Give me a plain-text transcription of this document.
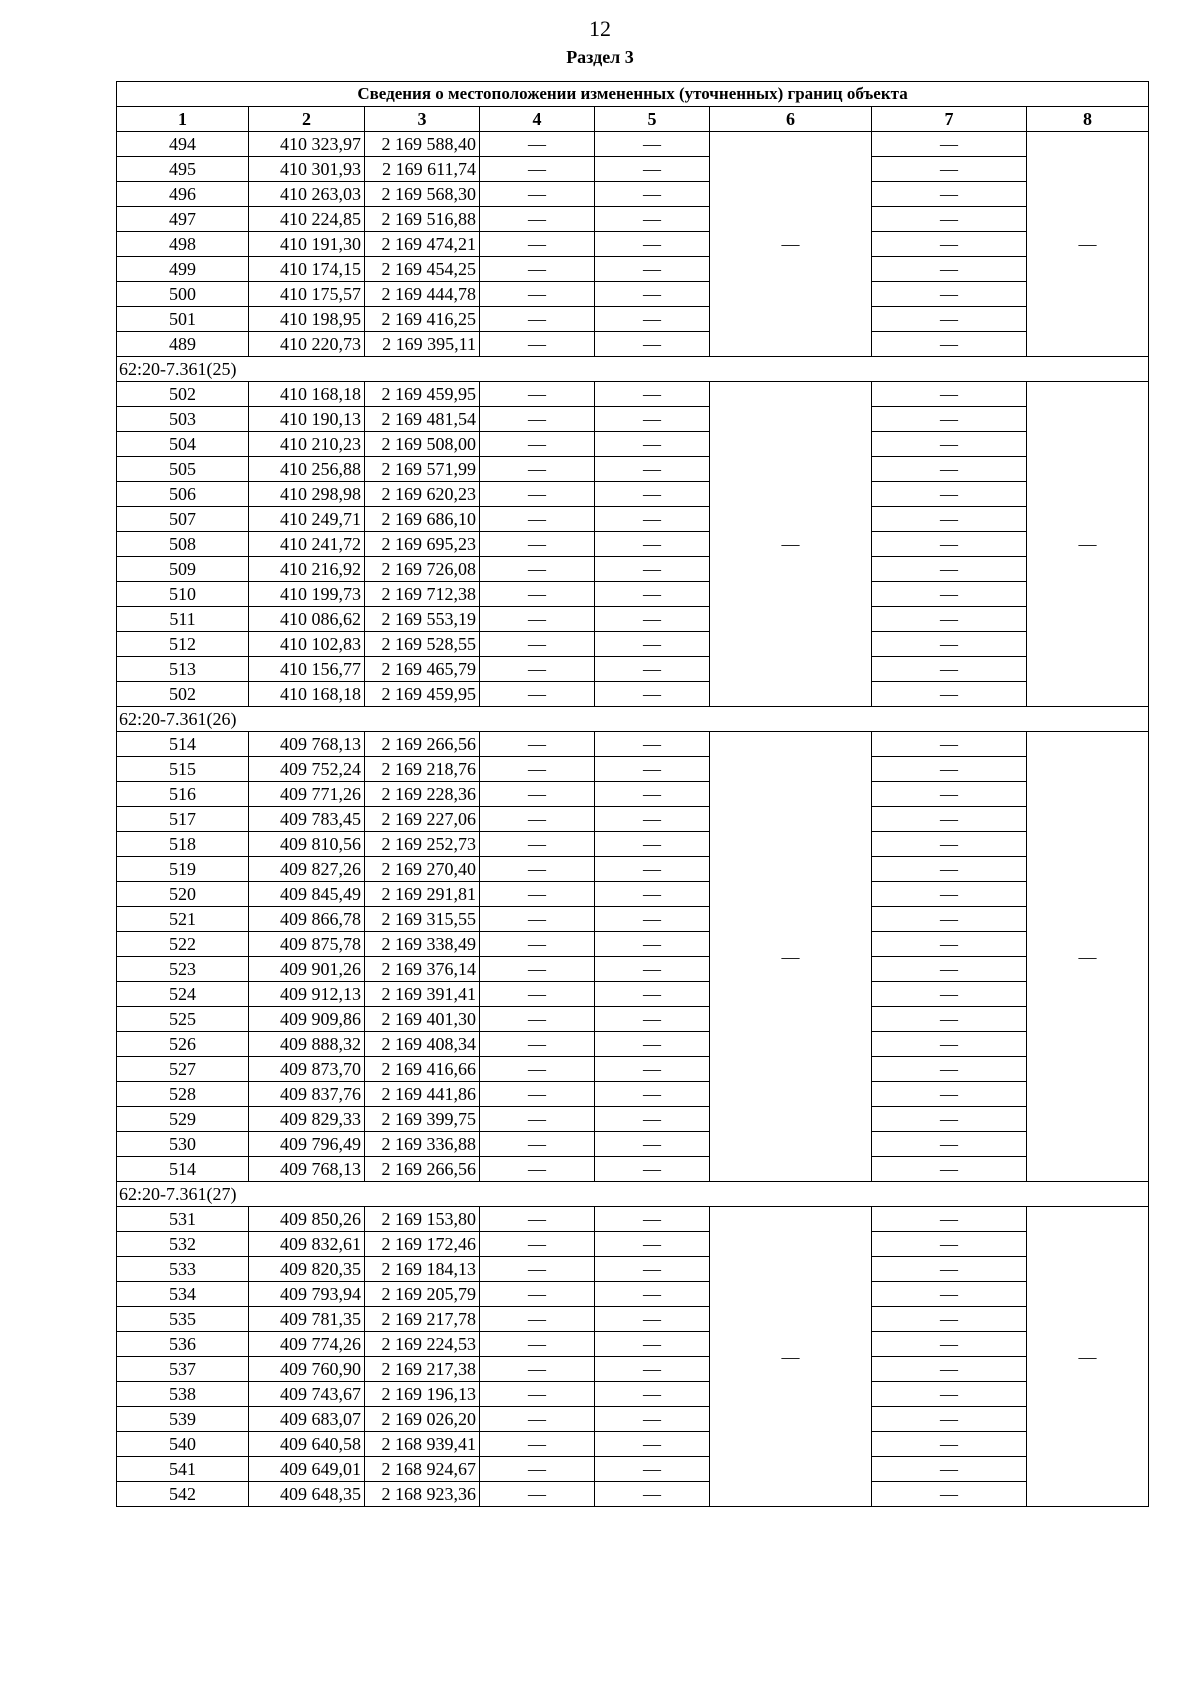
12
Раздел 3
Сведения о местоположении измененных (уточненных) границ объекта							
1	2	3	4	5	6	7	8
494	410 323,97	2 169 588,40	—	—	—	—	—
495	410 301,93	2 169 611,74	—	—		—	
496	410 263,03	2 169 568,30	—	—		—	
497	410 224,85	2 169 516,88	—	—		—	
498	410 191,30	2 169 474,21	—	—		—	
499	410 174,15	2 169 454,25	—	—		—	
500	410 175,57	2 169 444,78	—	—		—	
501	410 198,95	2 169 416,25	—	—		—	
489	410 220,73	2 169 395,11	—	—		—	
62:20-7.361(25)							
502	410 168,18	2 169 459,95	—	—	—	—	—
503	410 190,13	2 169 481,54	—	—		—	
504	410 210,23	2 169 508,00	—	—		—	
505	410 256,88	2 169 571,99	—	—		—	
506	410 298,98	2 169 620,23	—	—		—	
507	410 249,71	2 169 686,10	—	—		—	
508	410 241,72	2 169 695,23	—	—		—	
509	410 216,92	2 169 726,08	—	—		—	
510	410 199,73	2 169 712,38	—	—		—	
511	410 086,62	2 169 553,19	—	—		—	
512	410 102,83	2 169 528,55	—	—		—	
513	410 156,77	2 169 465,79	—	—		—	
502	410 168,18	2 169 459,95	—	—		—	
62:20-7.361(26)							
514	409 768,13	2 169 266,56	—	—	—	—	—
515	409 752,24	2 169 218,76	—	—		—	
516	409 771,26	2 169 228,36	—	—		—	
517	409 783,45	2 169 227,06	—	—		—	
518	409 810,56	2 169 252,73	—	—		—	
519	409 827,26	2 169 270,40	—	—		—	
520	409 845,49	2 169 291,81	—	—		—	
521	409 866,78	2 169 315,55	—	—		—	
522	409 875,78	2 169 338,49	—	—		—	
523	409 901,26	2 169 376,14	—	—		—	
524	409 912,13	2 169 391,41	—	—		—	
525	409 909,86	2 169 401,30	—	—		—	
526	409 888,32	2 169 408,34	—	—		—	
527	409 873,70	2 169 416,66	—	—		—	
528	409 837,76	2 169 441,86	—	—		—	
529	409 829,33	2 169 399,75	—	—		—	
530	409 796,49	2 169 336,88	—	—		—	
514	409 768,13	2 169 266,56	—	—		—	
62:20-7.361(27)							
531	409 850,26	2 169 153,80	—	—	—	—	—
532	409 832,61	2 169 172,46	—	—		—	
533	409 820,35	2 169 184,13	—	—		—	
534	409 793,94	2 169 205,79	—	—		—	
535	409 781,35	2 169 217,78	—	—		—	
536	409 774,26	2 169 224,53	—	—		—	
537	409 760,90	2 169 217,38	—	—		—	
538	409 743,67	2 169 196,13	—	—		—	
539	409 683,07	2 169 026,20	—	—		—	
540	409 640,58	2 168 939,41	—	—		—	
541	409 649,01	2 168 924,67	—	—		—	
542	409 648,35	2 168 923,36	—	—		—	
